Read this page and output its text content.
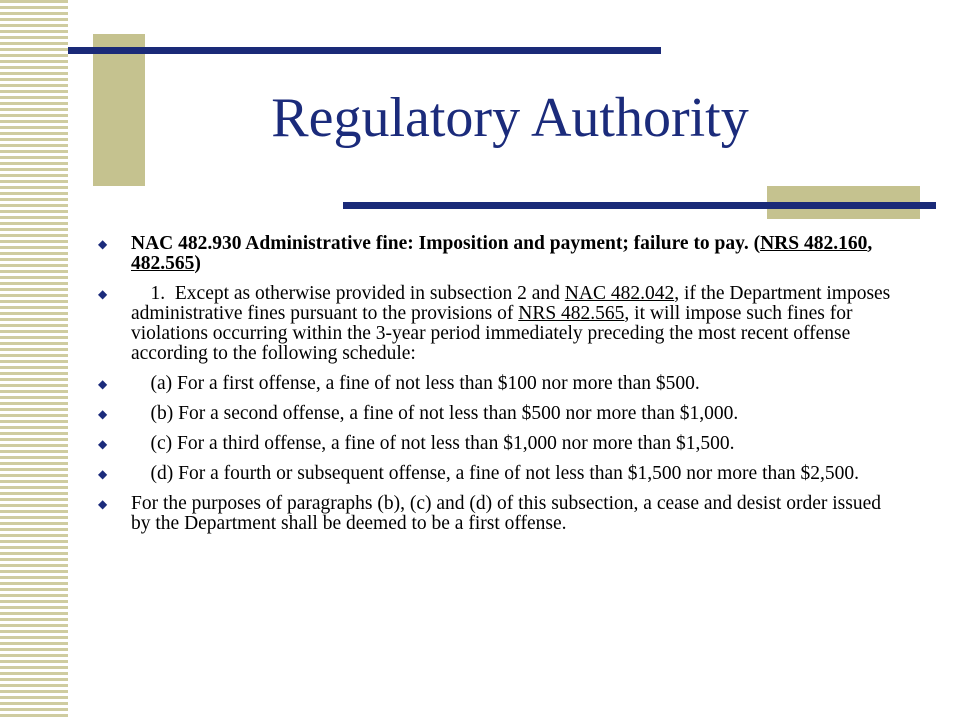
Regulatory Authority
◆ NAC 482.930 Administrative fine: Imposition and payment; failure to pay. (NRS 482.160, 482.565)
◆ 1.  Except as otherwise provided in subsection 2 and NAC 482.042, if the Department imposes administrative fines pursuant to the provisions of NRS 482.565, it will impose such fines for violations occurring within the 3-year period immediately preceding the most recent offense according to the following schedule:
◆ (a) For a first offense, a fine of not less than $100 nor more than $500.
◆ (b) For a second offense, a fine of not less than $500 nor more than $1,000.
◆ (c) For a third offense, a fine of not less than $1,000 nor more than $1,500.
◆ (d) For a fourth or subsequent offense, a fine of not less than $1,500 nor more than $2,500.
◆ For the purposes of paragraphs (b), (c) and (d) of this subsection, a cease and desist order issued by the Department shall be deemed to be a first offense.
